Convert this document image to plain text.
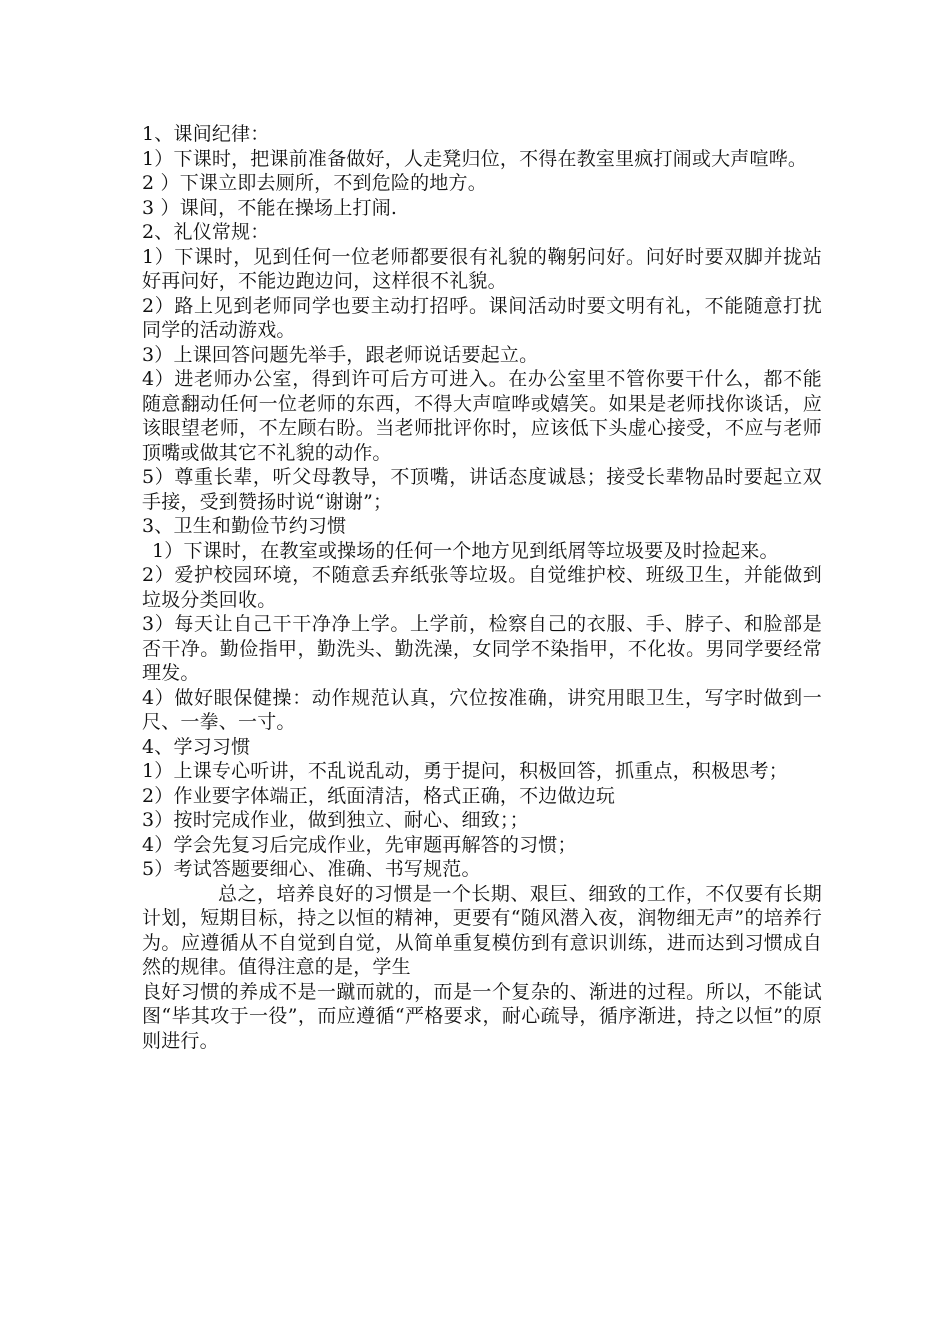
1、课间纪律：

1）下课时，把课前准备做好，人走凳归位，不得在教室里疯打闹或大声喧哗。

2 ）下课立即去厕所，不到危险的地方。

3 ）课间，不能在操场上打闹.

2、礼仪常规：

1）下课时，见到任何一位老师都要很有礼貌的鞠躬问好。问好时要双脚并拢站好再问好，不能边跑边问，这样很不礼貌。

2）路上见到老师同学也要主动打招呼。课间活动时要文明有礼，不能随意打扰同学的活动游戏。

3）上课回答问题先举手，跟老师说话要起立。

4）进老师办公室，得到许可后方可进入。在办公室里不管你要干什么，都不能随意翻动任何一位老师的东西，不得大声喧哗或嬉笑。如果是老师找你谈话，应该眼望老师，不左顾右盼。当老师批评你时，应该低下头虚心接受，不应与老师顶嘴或做其它不礼貌的动作。

5）尊重长辈，听父母教导，不顶嘴，讲话态度诚恳；接受长辈物品时要起立双手接，受到赞扬时说“谢谢”；

3、卫生和勤俭节约习惯

1）下课时，在教室或操场的任何一个地方见到纸屑等垃圾要及时捡起来。

2）爱护校园环境，不随意丢弃纸张等垃圾。自觉维护校、班级卫生，并能做到垃圾分类回收。

3）每天让自己干干净净上学。上学前，检察自己的衣服、手、脖子、和脸部是否干净。勤俭指甲，勤洗头、勤洗澡，女同学不染指甲，不化妆。男同学要经常理发。

4）做好眼保健操：动作规范认真，穴位按准确，讲究用眼卫生，写字时做到一尺、一拳、一寸。

4、学习习惯

1）上课专心听讲，不乱说乱动，勇于提问，积极回答，抓重点，积极思考；

2）作业要字体端正，纸面清洁，格式正确，不边做边玩

3）按时完成作业，做到独立、耐心、细致；；

4）学会先复习后完成作业，先审题再解答的习惯；

5）考试答题要细心、准确、书写规范。

总之，培养良好的习惯是一个长期、艰巨、细致的工作，不仅要有长期计划，短期目标，持之以恒的精神，更要有“随风潜入夜，润物细无声”的培养行为。应遵循从不自觉到自觉，从简单重复模仿到有意识训练，进而达到习惯成自然的规律。值得注意的是，学生

良好习惯的养成不是一蹴而就的，而是一个复杂的、渐进的过程。所以，不能试图“毕其攻于一役”，而应遵循“严格要求，耐心疏导，循序渐进，持之以恒”的原则进行。
